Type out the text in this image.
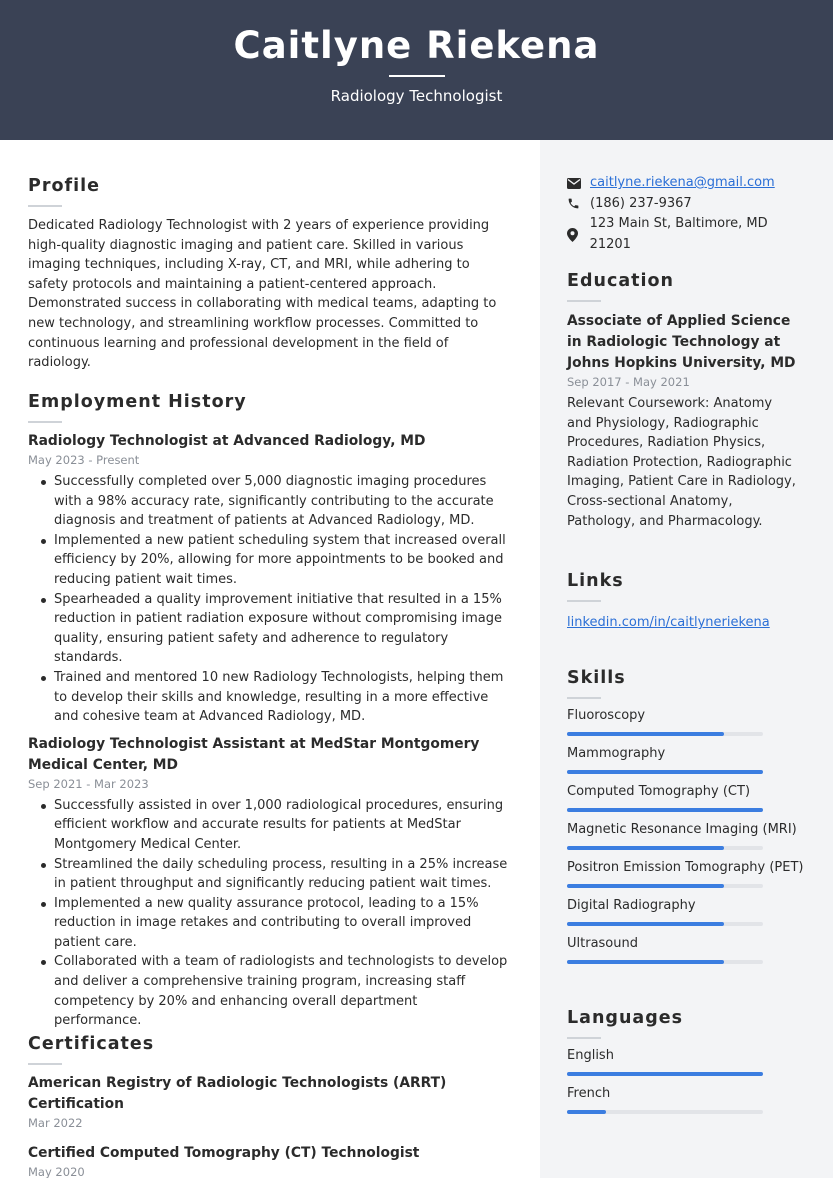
Caitlyne Riekena
Radiology Technologist
Profile
Dedicated Radiology Technologist with 2 years of experience providing high-quality diagnostic imaging and patient care. Skilled in various imaging techniques, including X-ray, CT, and MRI, while adhering to safety protocols and maintaining a patient-centered approach. Demonstrated success in collaborating with medical teams, adapting to new technology, and streamlining workflow processes. Committed to continuous learning and professional development in the field of radiology.
Employment History
Radiology Technologist at Advanced Radiology, MD
May 2023 - Present
Successfully completed over 5,000 diagnostic imaging procedures with a 98% accuracy rate, significantly contributing to the accurate diagnosis and treatment of patients at Advanced Radiology, MD.
Implemented a new patient scheduling system that increased overall efficiency by 20%, allowing for more appointments to be booked and reducing patient wait times.
Spearheaded a quality improvement initiative that resulted in a 15% reduction in patient radiation exposure without compromising image quality, ensuring patient safety and adherence to regulatory standards.
Trained and mentored 10 new Radiology Technologists, helping them to develop their skills and knowledge, resulting in a more effective and cohesive team at Advanced Radiology, MD.
Radiology Technologist Assistant at MedStar Montgomery Medical Center, MD
Sep 2021 - Mar 2023
Successfully assisted in over 1,000 radiological procedures, ensuring efficient workflow and accurate results for patients at MedStar Montgomery Medical Center.
Streamlined the daily scheduling process, resulting in a 25% increase in patient throughput and significantly reducing patient wait times.
Implemented a new quality assurance protocol, leading to a 15% reduction in image retakes and contributing to overall improved patient care.
Collaborated with a team of radiologists and technologists to develop and deliver a comprehensive training program, increasing staff competency by 20% and enhancing overall department performance.
Certificates
American Registry of Radiologic Technologists (ARRT) Certification
Mar 2022
Certified Computed Tomography (CT) Technologist
May 2020
caitlyne.riekena@gmail.com
(186) 237-9367
123 Main St, Baltimore, MD 21201
Education
Associate of Applied Science in Radiologic Technology at Johns Hopkins University, MD
Sep 2017 - May 2021
Relevant Coursework: Anatomy and Physiology, Radiographic Procedures, Radiation Physics, Radiation Protection, Radiographic Imaging, Patient Care in Radiology, Cross-sectional Anatomy, Pathology, and Pharmacology.
Links
linkedin.com/in/caitlyneriekena
Skills
Fluoroscopy
Mammography
Computed Tomography (CT)
Magnetic Resonance Imaging (MRI)
Positron Emission Tomography (PET)
Digital Radiography
Ultrasound
Languages
English
French
